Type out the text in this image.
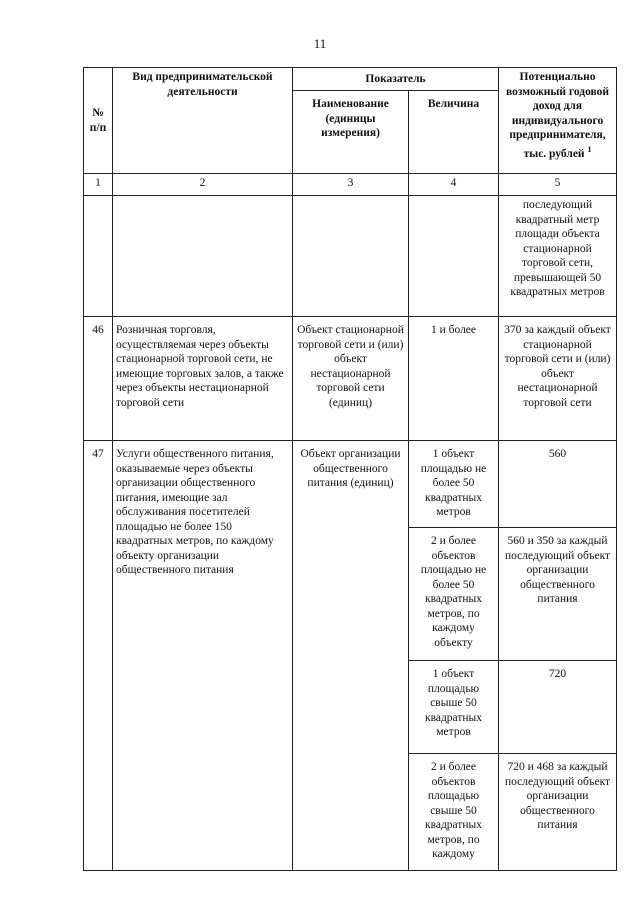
11
№ п/п	Вид предпринимательской деятельности	Показатель		Потенциально возможный годовой доход для индивидуального предпринимателя, тыс. рублей $^1$
		Наименование (единицы измерения)	Величина	
1	2	3	4	5
				последующий квадратный метр площади объекта стационарной торговой сети, превышающей 50 квадратных метров
46	Розничная торговля, осуществляемая через объекты стационарной торговой сети, не имеющие торговых залов, а также через объекты нестационарной торговой сети	Объект стационарной торговой сети и (или) объект нестационарной торговой сети (единиц)	1 и более	370 за каждый объект стационарной торговой сети и (или) объект нестационарной торговой сети
47	Услуги общественного питания, оказываемые через объекты организации общественного питания, имеющие зал обслуживания посетителей площадью не более 150 квадратных метров, по каждому объекту организации общественного питания	Объект организации общественного питания (единиц)	1 объект площадью не более 50 квадратных метров	560
			2 и более объектов площадью не более 50 квадратных метров, по каждому объекту	560 и 350 за каждый последующий объект организации общественного питания
			1 объект площадью свыше 50 квадратных метров	720
			2 и более объектов площадью свыше 50 квадратных метров, по каждому	720 и 468 за каждый последующий объект организации общественного питания
